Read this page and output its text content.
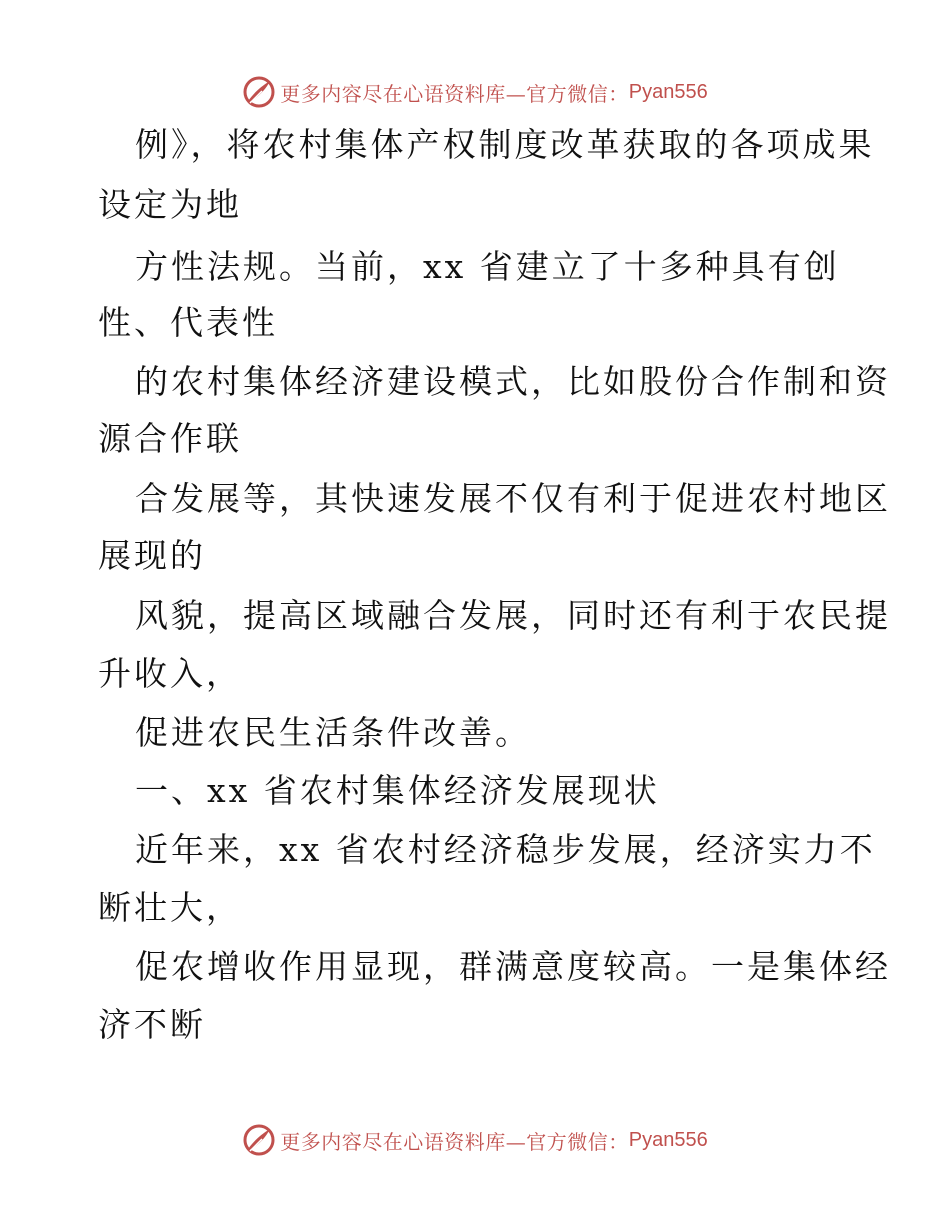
更多内容尽在心语资料库—官方微信： Pyan556
例》，将农村集体产权制度改革获取的各项成果
设定为地
方性法规。当前，xx 省建立了十多种具有创
性、代表性
的农村集体经济建设模式，比如股份合作制和资
源合作联
合发展等，其快速发展不仅有利于促进农村地区
展现的
风貌，提高区域融合发展，同时还有利于农民提
升收入，
促进农民生活条件改善。
一、xx 省农村集体经济发展现状
近年来，xx 省农村经济稳步发展，经济实力不
断壮大，
促农增收作用显现，群满意度较高。一是集体经
济不断
更多内容尽在心语资料库—官方微信： Pyan556
